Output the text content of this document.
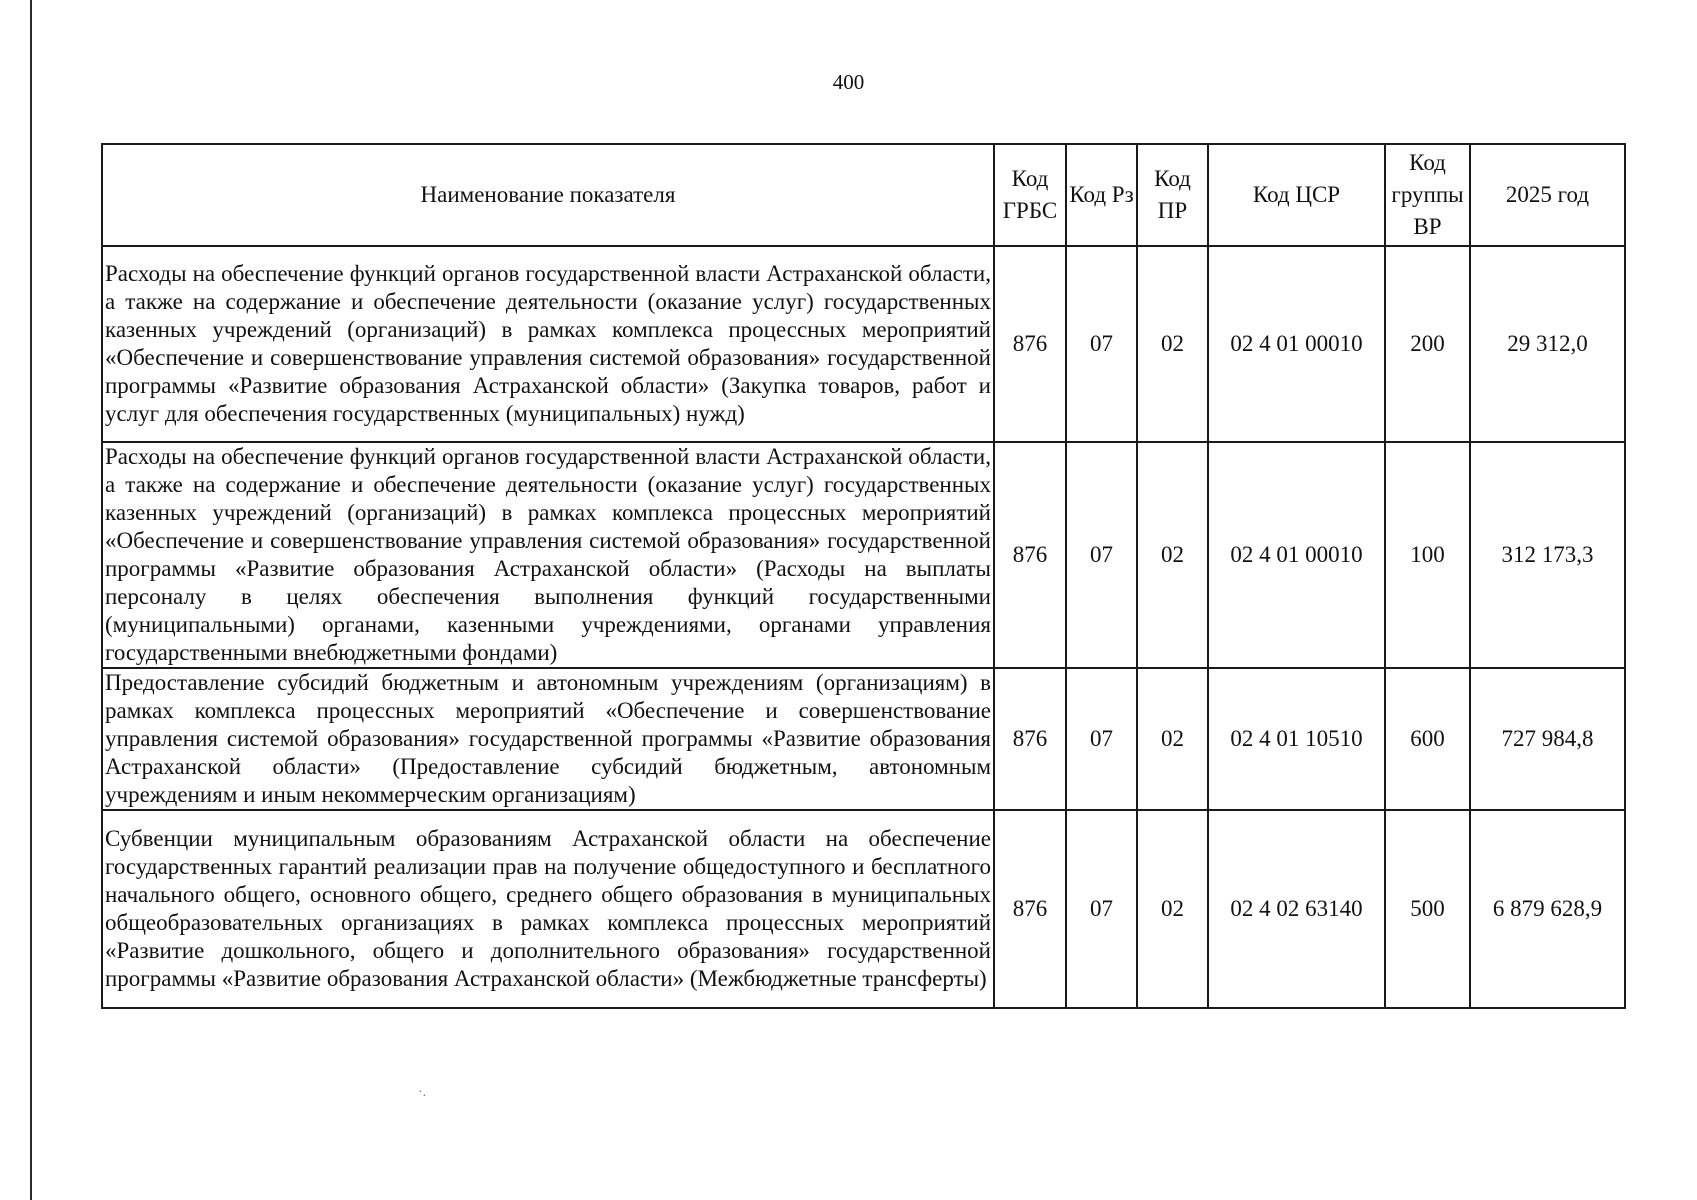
400
Наименование показателя	Код ГРБС	Код Рз	Код ПР	Код ЦСР	Код группы ВР	2025 год
Расходы на обеспечение функций органов государственной власти Астраханской области, а также на содержание и обеспечение деятельности (оказание услуг) государственных казенных учреждений (организаций) в рамках комплекса процессных мероприятий «Обеспечение и совершенствование управления системой образования» государственной программы «Развитие образования Астраханской области» (Закупка товаров, работ и услуг для обеспечения государственных (муниципальных) нужд)	876	07	02	02 4 01 00010	200	29 312,0
Расходы на обеспечение функций органов государственной власти Астраханской области, а также на содержание и обеспечение деятельности (оказание услуг) государственных казенных учреждений (организаций) в рамках комплекса процессных мероприятий «Обеспечение и совершенствование управления системой образования» государственной программы «Развитие образования Астраханской области» (Расходы на выплаты персоналу в целях обеспечения выполнения функций государственными (муниципальными) органами, казенными учреждениями, органами управления государственными внебюджетными фондами)	876	07	02	02 4 01 00010	100	312 173,3
Предоставление субсидий бюджетным и автономным учреждениям (организациям) в рамках комплекса процессных мероприятий «Обеспечение и совершенствование управления системой образования» государственной программы «Развитие образования Астраханской области» (Предоставление субсидий бюджетным, автономным учреждениям и иным некоммерческим организациям)	876	07	02	02 4 01 10510	600	727 984,8
Субвенции муниципальным образованиям Астраханской области на обеспечение государственных гарантий реализации прав на получение общедоступного и бесплатного начального общего, основного общего, среднего общего образования в муниципальных общеобразовательных организациях в рамках комплекса процессных мероприятий «Развитие дошкольного, общего и дополнительного образования» государственной программы «Развитие образования Астраханской области» (Межбюджетные трансферты)	876	07	02	02 4 02 63140	500	6 879 628,9
·.
